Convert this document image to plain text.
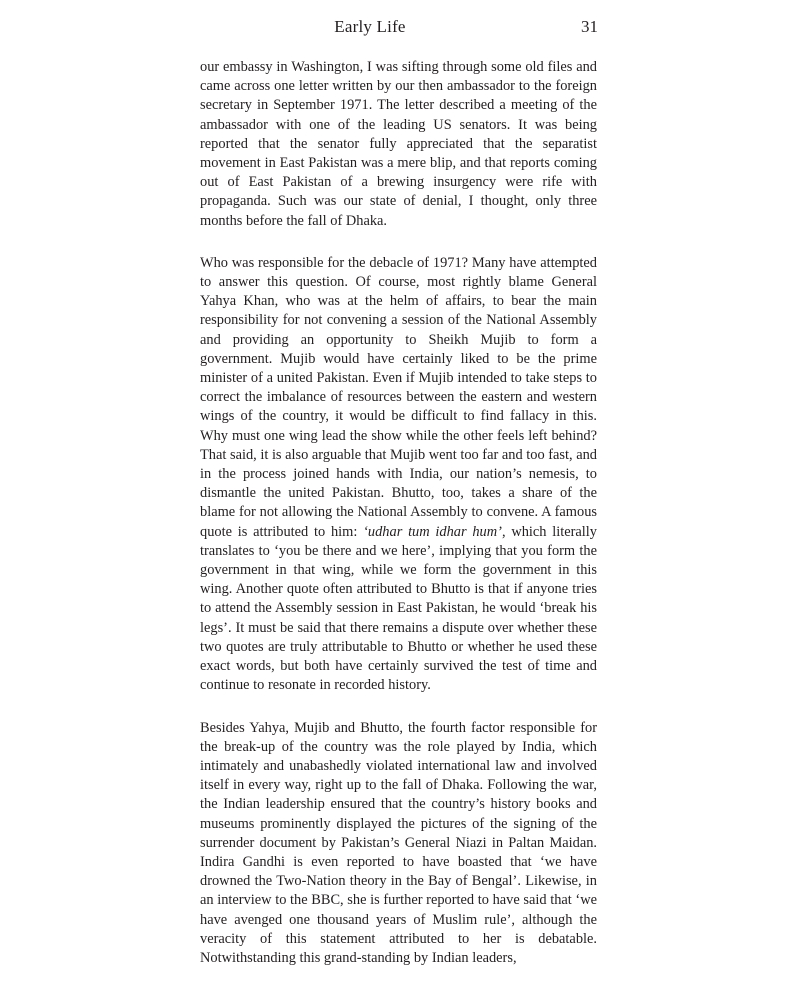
Early Life	31

our embassy in Washington, I was sifting through some old files and came across one letter written by our then ambassador to the foreign secretary in September 1971. The letter described a meeting of the ambassador with one of the leading US senators. It was being reported that the senator fully appreciated that the separatist movement in East Pakistan was a mere blip, and that reports coming out of East Pakistan of a brewing insurgency were rife with propaganda. Such was our state of denial, I thought, only three months before the fall of Dhaka.

Who was responsible for the debacle of 1971? Many have attempted to answer this question. Of course, most rightly blame General Yahya Khan, who was at the helm of affairs, to bear the main responsibility for not convening a session of the National Assembly and providing an opportunity to Sheikh Mujib to form a government. Mujib would have certainly liked to be the prime minister of a united Pakistan. Even if Mujib intended to take steps to correct the imbalance of resources between the eastern and western wings of the country, it would be difficult to find fallacy in this. Why must one wing lead the show while the other feels left behind? That said, it is also arguable that Mujib went too far and too fast, and in the process joined hands with India, our nation’s nemesis, to dismantle the united Pakistan. Bhutto, too, takes a share of the blame for not allowing the National Assembly to convene. A famous quote is attributed to him: ‘udhar tum idhar hum’, which literally translates to ‘you be there and we here’, implying that you form the government in that wing, while we form the government in this wing. Another quote often attributed to Bhutto is that if anyone tries to attend the Assembly session in East Pakistan, he would ‘break his legs’. It must be said that there remains a dispute over whether these two quotes are truly attributable to Bhutto or whether he used these exact words, but both have certainly survived the test of time and continue to resonate in recorded history.

Besides Yahya, Mujib and Bhutto, the fourth factor responsible for the break-up of the country was the role played by India, which intimately and unabashedly violated international law and involved itself in every way, right up to the fall of Dhaka. Following the war, the Indian leadership ensured that the country’s history books and museums prominently displayed the pictures of the signing of the surrender document by Pakistan’s General Niazi in Paltan Maidan. Indira Gandhi is even reported to have boasted that ‘we have drowned the Two-Nation theory in the Bay of Bengal’. Likewise, in an interview to the BBC, she is further reported to have said that ‘we have avenged one thousand years of Muslim rule’, although the veracity of this statement attributed to her is debatable. Notwithstanding this grand-standing by Indian leaders,
